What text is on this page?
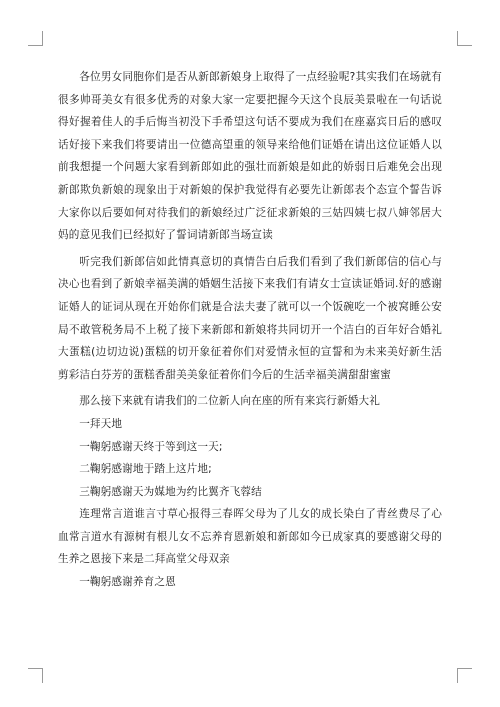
各位男女同胞你们是否从新郎新娘身上取得了一点经验呢?其实我们在场就有很多帅哥美女有很多优秀的对象大家一定要把握今天这个良辰美景啦在一句话说得好握着佳人的手后悔当初没下手希望这句话不要成为我们在座嘉宾日后的感叹话好接下来我们将要请出一位德高望重的领导来给他们证婚在请出这位证婚人以前我想提一个问题大家看到新郎如此的强壮而新娘是如此的娇弱日后难免会出现新郎欺负新娘的现象出于对新娘的保护我觉得有必要先让新郎表个态宣个誓告诉大家你以后要如何对待我们的新娘经过广泛征求新娘的三姑四姨七叔八婶邻居大妈的意见我们已经拟好了誓词请新郎当场宣读

听完我们新郎信如此情真意切的真情告白后我们看到了我们新郎信的信心与决心也看到了新娘幸福美满的婚姻生活接下来我们有请女士宣读证婚词.好的感谢证婚人的证词从现在开始你们就是合法夫妻了就可以一个饭碗吃一个被窝睡公安局不敢管税务局不上税了接下来新郎和新娘将共同切开一个洁白的百年好合婚礼大蛋糕(边切边说)蛋糕的切开象征着你们对爱情永恒的宣誓和为未来美好新生活剪彩洁白芬芳的蛋糕香甜美美象征着你们今后的生活幸福美满甜甜蜜蜜

那么接下来就有请我们的二位新人向在座的所有来宾行新婚大礼

一拜天地

一鞠躬感谢天终于等到这一天;

二鞠躬感谢地于踏上这片地;

三鞠躬感谢天为媒地为约比翼齐飞蓉结

连理常言道谁言寸草心报得三春晖父母为了儿女的成长染白了青丝费尽了心血常言道水有源树有根儿女不忘养育恩新娘和新郎如今已成家真的要感谢父母的生养之恩接下来是二拜高堂父母双亲

一鞠躬感谢养育之恩
